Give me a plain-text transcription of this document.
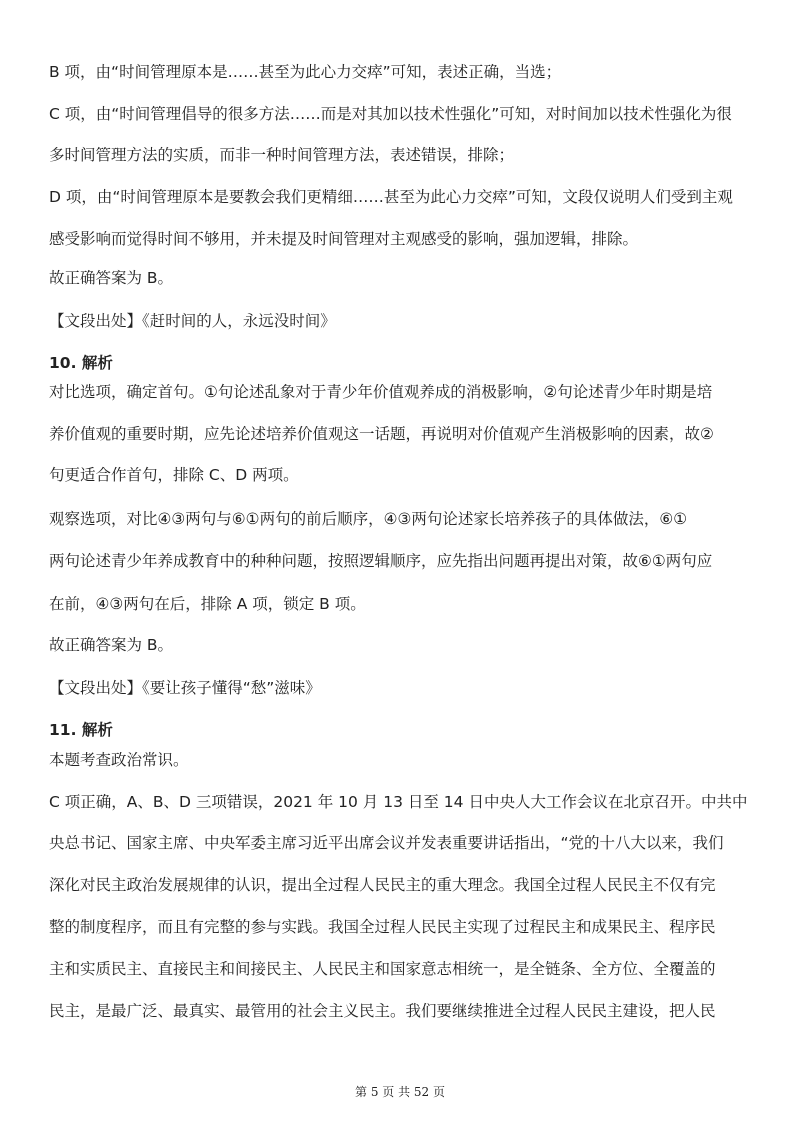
B 项，由“时间管理原本是……甚至为此心力交瘁”可知，表述正确，当选；
C 项，由“时间管理倡导的很多方法……而是对其加以技术性强化”可知，对时间加以技术性强化为很
多时间管理方法的实质，而非一种时间管理方法，表述错误，排除；
D 项，由“时间管理原本是要教会我们更精细……甚至为此心力交瘁”可知，文段仅说明人们受到主观
感受影响而觉得时间不够用，并未提及时间管理对主观感受的影响，强加逻辑，排除。
故正确答案为 B。
【文段出处】《赶时间的人，永远没时间》
10. 解析
对比选项，确定首句。①句论述乱象对于青少年价值观养成的消极影响，②句论述青少年时期是培
养价值观的重要时期，应先论述培养价值观这一话题，再说明对价值观产生消极影响的因素，故②
句更适合作首句，排除 C、D 两项。
观察选项，对比④③两句与⑥①两句的前后顺序，④③两句论述家长培养孩子的具体做法，⑥①
两句论述青少年养成教育中的种种问题，按照逻辑顺序，应先指出问题再提出对策，故⑥①两句应
在前，④③两句在后，排除 A 项，锁定 B 项。
故正确答案为 B。
【文段出处】《要让孩子懂得“愁”滋味》
11. 解析
本题考查政治常识。
C 项正确，A、B、D 三项错误，2021 年 10 月 13 日至 14 日中央人大工作会议在北京召开。中共中
央总书记、国家主席、中央军委主席习近平出席会议并发表重要讲话指出，“党的十八大以来，我们
深化对民主政治发展规律的认识，提出全过程人民民主的重大理念。我国全过程人民民主不仅有完
整的制度程序，而且有完整的参与实践。我国全过程人民民主实现了过程民主和成果民主、程序民
主和实质民主、直接民主和间接民主、人民民主和国家意志相统一，是全链条、全方位、全覆盖的
民主，是最广泛、最真实、最管用的社会主义民主。我们要继续推进全过程人民民主建设，把人民
第 5 页 共 52 页
